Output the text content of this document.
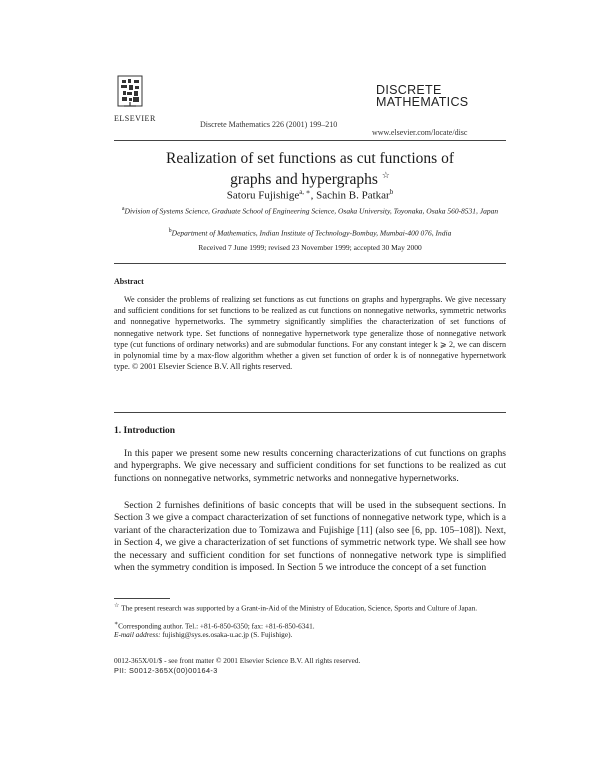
ELSEVIER
DISCRETE
MATHEMATICS
Discrete Mathematics 226 (2001) 199–210
www.elsevier.com/locate/disc
Realization of set functions as cut functions of
graphs and hypergraphs ☆
Satoru Fujishige$^{a, ∗}$, Sachin B. Patkar$^b$
$^a$Division of Systems Science, Graduate School of Engineering Science, Osaka University, Toyonaka, Osaka 560-8531, Japan
$^b$Department of Mathematics, Indian Institute of Technology-Bombay, Mumbai-400 076, India
Received 7 June 1999; revised 23 November 1999; accepted 30 May 2000
Abstract
We consider the problems of realizing set functions as cut functions on graphs and hypergraphs. We give necessary and sufficient conditions for set functions to be realized as cut functions on nonnegative networks, symmetric networks and nonnegative hypernetworks. The symmetry significantly simplifies the characterization of set functions of nonnegative network type. Set functions of nonnegative hypernetwork type generalize those of nonnegative network type (cut functions of ordinary networks) and are submodular functions. For any constant integer k ⩾ 2, we can discern in polynomial time by a max-flow algorithm whether a given set function of order k is of nonnegative hypernetwork type. © 2001 Elsevier Science B.V. All rights reserved.
1. Introduction
In this paper we present some new results concerning characterizations of cut functions on graphs and hypergraphs. We give necessary and sufficient conditions for set functions to be realized as cut functions on nonnegative networks, symmetric networks and nonnegative hypernetworks.
Section 2 furnishes definitions of basic concepts that will be used in the subsequent sections. In Section 3 we give a compact characterization of set functions of nonnegative network type, which is a variant of the characterization due to Tomizawa and Fujishige [11] (also see [6, pp. 105–108]). Next, in Section 4, we give a characterization of set functions of symmetric network type. We shall see how the necessary and sufficient condition for set functions of nonnegative network type is simplified when the symmetry condition is imposed. In Section 5 we introduce the concept of a set function
☆ The present research was supported by a Grant-in-Aid of the Ministry of Education, Science, Sports and Culture of Japan.
∗Corresponding author. Tel.: +81-6-850-6350; fax: +81-6-850-6341.
E-mail address: fujishig@sys.es.osaka-u.ac.jp (S. Fujishige).
0012-365X/01/$ - see front matter © 2001 Elsevier Science B.V. All rights reserved.
PII: S0012-365X(00)00164-3
